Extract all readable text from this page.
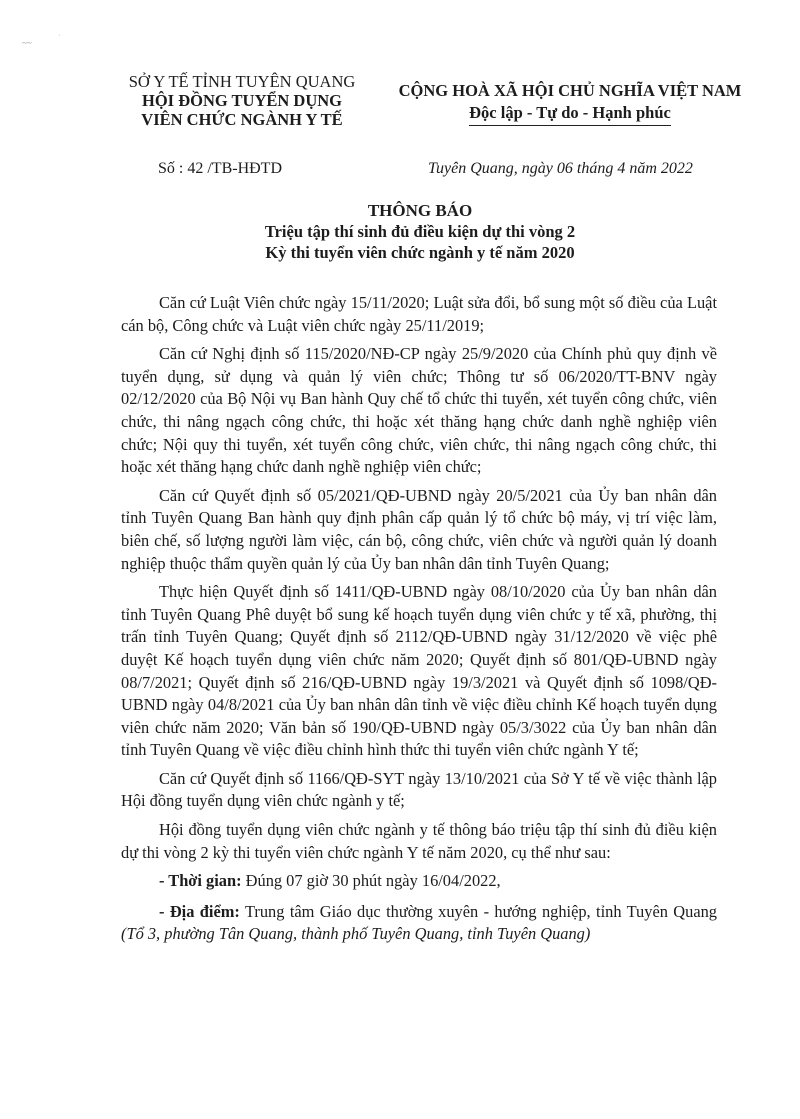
~~
˙
SỞ Y TẾ TỈNH TUYÊN QUANG
HỘI ĐỒNG TUYỂN DỤNG
VIÊN CHỨC NGÀNH Y TẾ
CỘNG HOÀ XÃ HỘI CHỦ NGHĨA VIỆT NAM
Độc lập - Tự do - Hạnh phúc
Số : 42 /TB-HĐTD	Tuyên Quang, ngày 06 tháng 4 năm 2022
THÔNG BÁO
Triệu tập thí sinh đủ điều kiện dự thi vòng 2
Kỳ thi tuyển viên chức ngành y tế năm 2020

Căn cứ Luật Viên chức ngày 15/11/2020; Luật sửa đổi, bổ sung một số điều của Luật cán bộ, Công chức và Luật viên chức ngày 25/11/2019;

Căn cứ Nghị định số 115/2020/NĐ-CP ngày 25/9/2020 của Chính phủ quy định về tuyển dụng, sử dụng và quản lý viên chức; Thông tư số 06/2020/TT-BNV ngày 02/12/2020 của Bộ Nội vụ Ban hành Quy chế tổ chức thi tuyển, xét tuyển công chức, viên chức, thi nâng ngạch công chức, thi hoặc xét thăng hạng chức danh nghề nghiệp viên chức; Nội quy thi tuyển, xét tuyển công chức, viên chức, thi nâng ngạch công chức, thi hoặc xét thăng hạng chức danh nghề nghiệp viên chức;

Căn cứ Quyết định số 05/2021/QĐ-UBND ngày 20/5/2021 của Ủy ban nhân dân tỉnh Tuyên Quang Ban hành quy định phân cấp quản lý tổ chức bộ máy, vị trí việc làm, biên chế, số lượng người làm việc, cán bộ, công chức, viên chức và người quản lý doanh nghiệp thuộc thẩm quyền quản lý của Ủy ban nhân dân tỉnh Tuyên Quang;

Thực hiện Quyết định số 1411/QĐ-UBND ngày 08/10/2020 của Ủy ban nhân dân tỉnh Tuyên Quang Phê duyệt bổ sung kế hoạch tuyển dụng viên chức y tế xã, phường, thị trấn tỉnh Tuyên Quang; Quyết định số 2112/QĐ-UBND ngày 31/12/2020 về việc phê duyệt Kế hoạch tuyển dụng viên chức năm 2020; Quyết định số 801/QĐ-UBND ngày 08/7/2021; Quyết định số 216/QĐ-UBND ngày 19/3/2021 và Quyết định số 1098/QĐ-UBND ngày 04/8/2021 của Ủy ban nhân dân tỉnh về việc điều chỉnh Kế hoạch tuyển dụng viên chức năm 2020; Văn bản số 190/QĐ-UBND ngày 05/3/3022 của Ủy ban nhân dân tỉnh Tuyên Quang về việc điều chỉnh hình thức thi tuyển viên chức ngành Y tế;

Căn cứ Quyết định số 1166/QĐ-SYT ngày 13/10/2021 của Sở Y tế về việc thành lập Hội đồng tuyển dụng viên chức ngành y tế;

Hội đồng tuyển dụng viên chức ngành y tế thông báo triệu tập thí sinh đủ điều kiện dự thi vòng 2 kỳ thi tuyển viên chức ngành Y tế năm 2020, cụ thể như sau:

- Thời gian: Đúng 07 giờ 30 phút ngày 16/04/2022,

- Địa điểm: Trung tâm Giáo dục thường xuyên - hướng nghiệp, tỉnh Tuyên Quang (Tổ 3, phường Tân Quang, thành phố Tuyên Quang, tỉnh Tuyên Quang)
